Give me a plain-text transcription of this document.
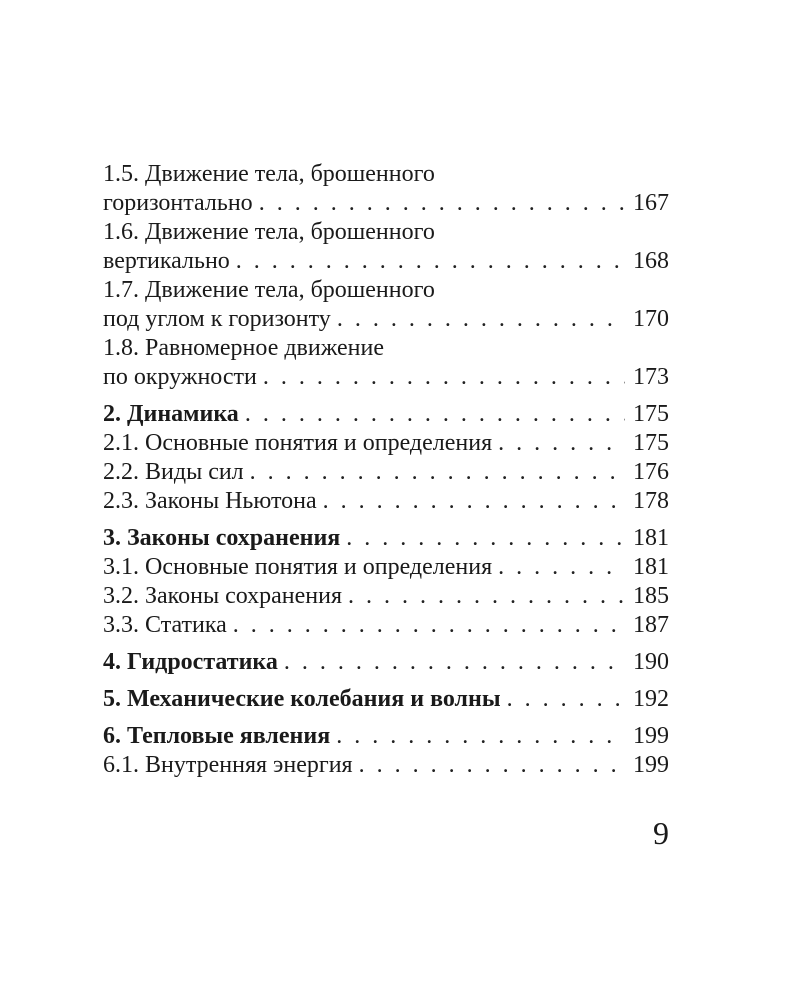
1.5. Движение тела, брошенного
горизонтально . . .	167
1.6. Движение тела, брошенного
вертикально . . .	168
1.7. Движение тела, брошенного
под углом к горизонту . . .	170
1.8. Равномерное движение
по окружности . . .	173
2. Динамика . . .	175
2.1. Основные понятия и определения . . .	175
2.2. Виды сил . . .	176
2.3. Законы Ньютона . . .	178
3. Законы сохранения . . .	181
3.1. Основные понятия и определения . . .	181
3.2. Законы сохранения . . .	185
3.3. Статика . . .	187
4. Гидростатика . . .	190
5. Механические колебания и волны . . .	192
6. Тепловые явления . . .	199
6.1. Внутренняя энергия . . .	199
9
